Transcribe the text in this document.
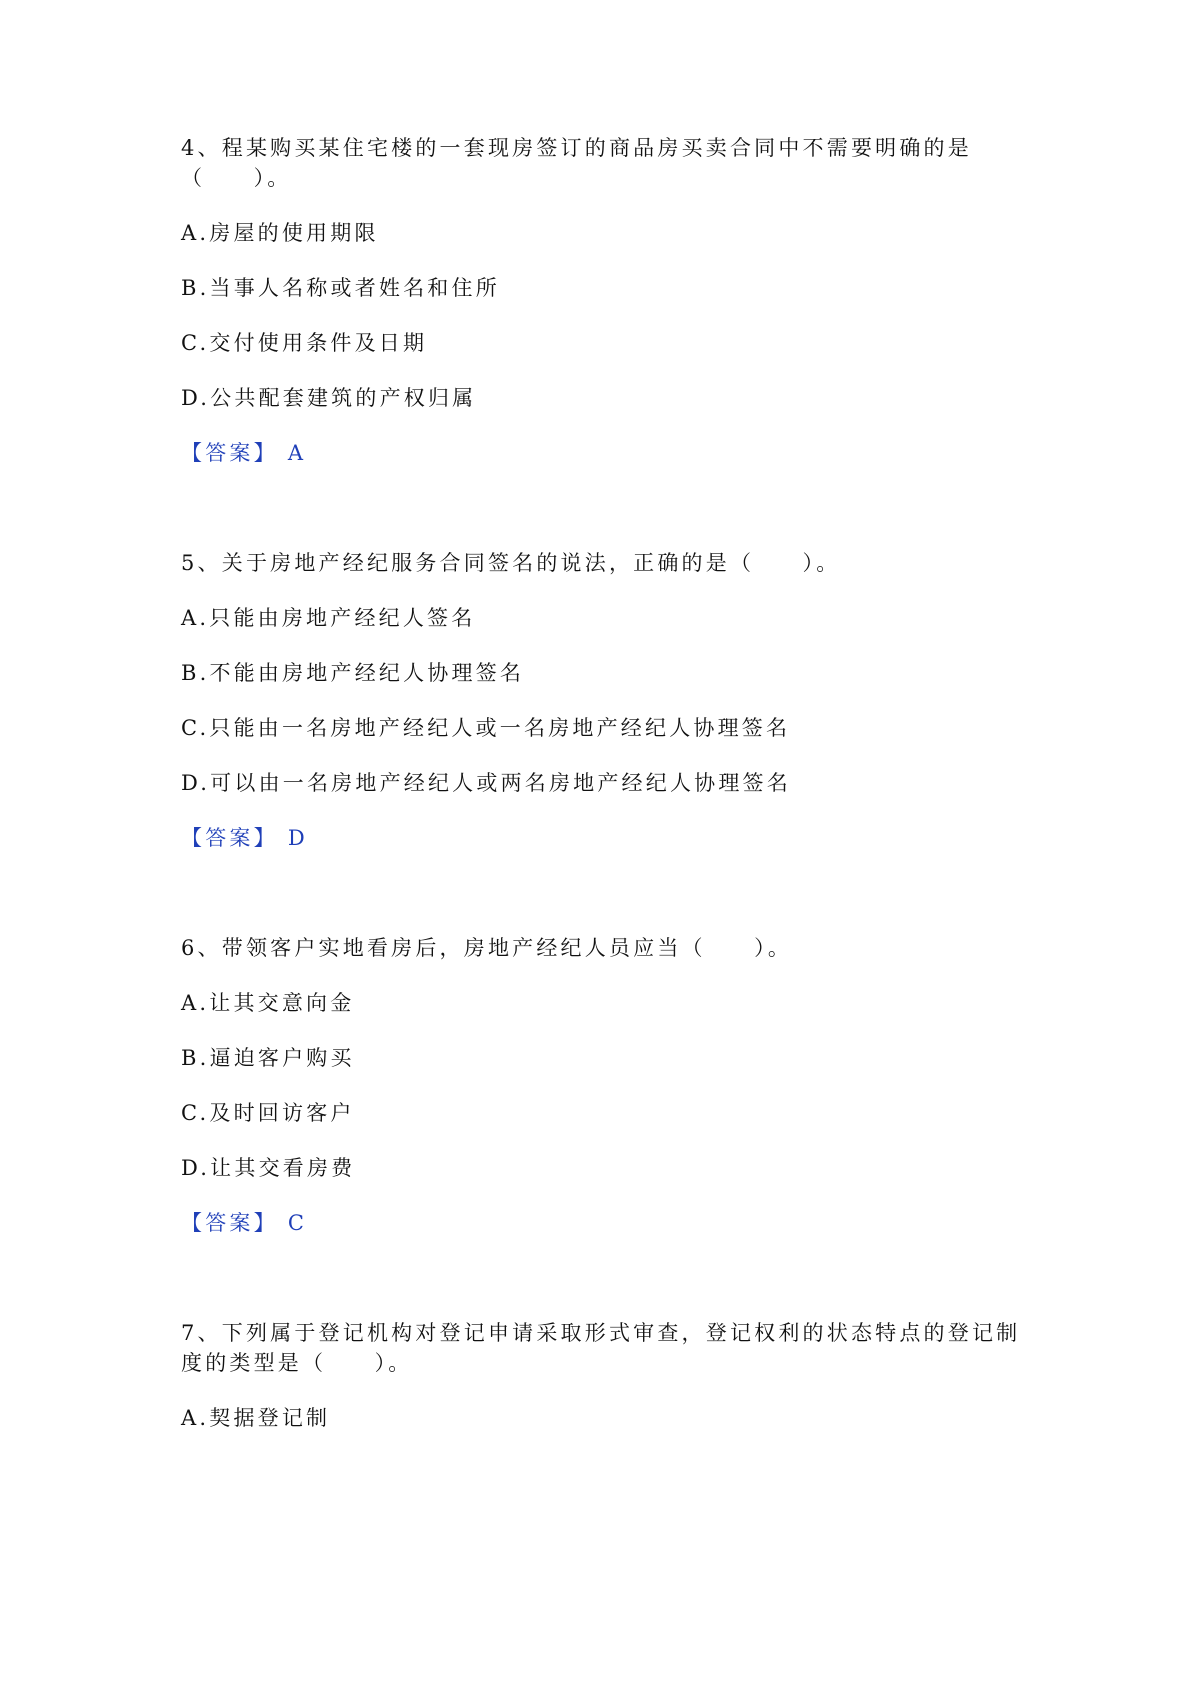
4、程某购买某住宅楼的一套现房签订的商品房买卖合同中不需要明确的是
（　　）。
A.房屋的使用期限
B.当事人名称或者姓名和住所
C.交付使用条件及日期
D.公共配套建筑的产权归属
【答案】 A
5、关于房地产经纪服务合同签名的说法，正确的是（　　）。
A.只能由房地产经纪人签名
B.不能由房地产经纪人协理签名
C.只能由一名房地产经纪人或一名房地产经纪人协理签名
D.可以由一名房地产经纪人或两名房地产经纪人协理签名
【答案】 D
6、带领客户实地看房后，房地产经纪人员应当（　　）。
A.让其交意向金
B.逼迫客户购买
C.及时回访客户
D.让其交看房费
【答案】 C
7、下列属于登记机构对登记申请采取形式审查，登记权利的状态特点的登记制
度的类型是（　　）。
A.契据登记制
